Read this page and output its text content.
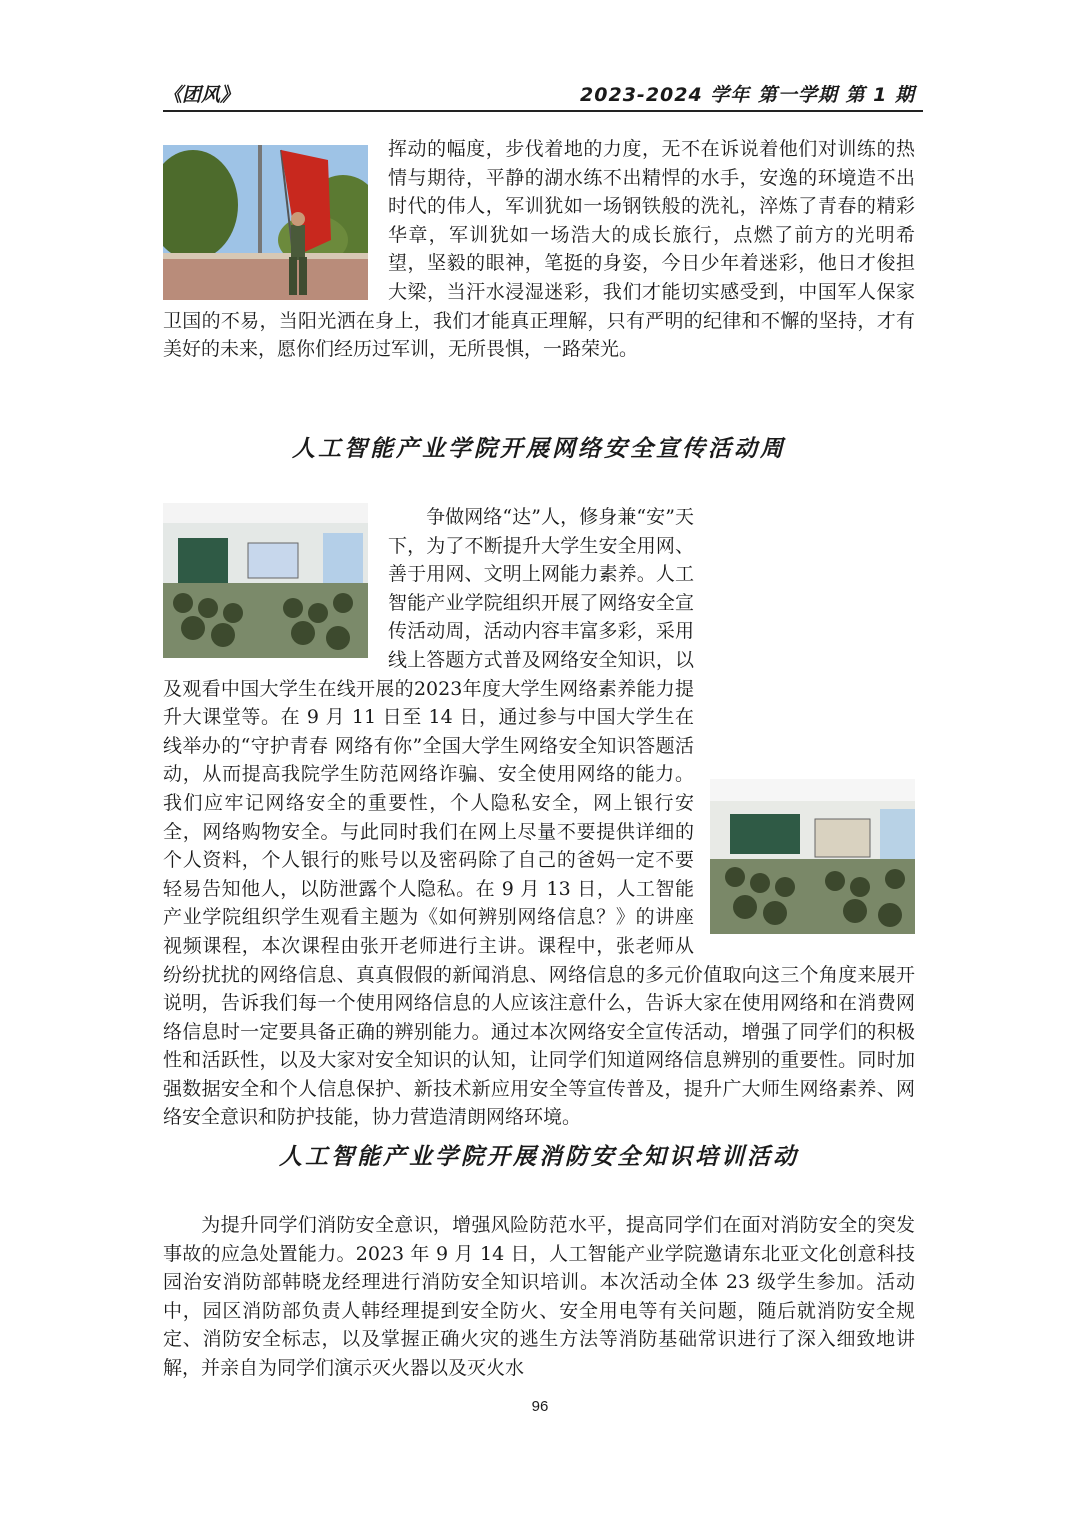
《团风》	2023-2024 学年 第一学期 第 1 期
挥动的幅度，步伐着地的力度，无不在诉说着他们对训练的热情与期待，平静的湖水练不出精悍的水手，安逸的环境造不出时代的伟人，军训犹如一场钢铁般的洗礼，淬炼了青春的精彩华章，军训犹如一场浩大的成长旅行，点燃了前方的光明希望，坚毅的眼神，笔挺的身姿，今日少年着迷彩，他日才俊担大梁，当汗水浸湿迷彩，我们才能切实感受到，中国军人保家卫国的不易，当阳光洒在身上，我们才能真正理解，只有严明的纪律和不懈的坚持，才有美好的未来，愿你们经历过军训，无所畏惧，一路荣光。
人工智能产业学院开展网络安全宣传活动周
争做网络“达”人，修身兼“安”天下，为了不断提升大学生安全用网、善于用网、文明上网能力素养。人工智能产业学院组织开展了网络安全宣传活动周，活动内容丰富多彩，采用线上答题方式普及网络安全知识，以及观看中国大学生在线开展的2023年度大学生网络素养能力提升大课堂等。在 9 月 11 日至 14 日，通过参与中国大学生在线举办的“守护青春 网络有你”全国大学生网络安全知识答题活动，从而提高我院学生防范网络诈骗、安全使用网络的能力。我们应牢记网络安全的重要性，个人隐私安全，网上银行安全，网络购物安全。与此同时我们在网上尽量不要提供详细的个人资料，个人银行的账号以及密码除了自己的爸妈一定不要轻易告知他人，以防泄露个人隐私。在 9 月 13 日，人工智能产业学院组织学生观看主题为《如何辨别网络信息？》的讲座视频课程，本次课程由张开老师进行主讲。课程中，张老师从纷纷扰扰的网络信息、真真假假的新闻消息、网络信息的多元价值取向这三个角度来展开说明，告诉我们每一个使用网络信息的人应该注意什么，告诉大家在使用网络和在消费网络信息时一定要具备正确的辨别能力。通过本次网络安全宣传活动，增强了同学们的积极性和活跃性，以及大家对安全知识的认知，让同学们知道网络信息辨别的重要性。同时加强数据安全和个人信息保护、新技术新应用安全等宣传普及，提升广大师生网络素养、网络安全意识和防护技能，协力营造清朗网络环境。
人工智能产业学院开展消防安全知识培训活动
为提升同学们消防安全意识，增强风险防范水平，提高同学们在面对消防安全的突发事故的应急处置能力。2023 年 9 月 14 日，人工智能产业学院邀请东北亚文化创意科技园治安消防部韩晓龙经理进行消防安全知识培训。本次活动全体 23 级学生参加。活动中，园区消防部负责人韩经理提到安全防火、安全用电等有关问题，随后就消防安全规定、消防安全标志，以及掌握正确火灾的逃生方法等消防基础常识进行了深入细致地讲解，并亲自为同学们演示灭火器以及灭火水
96
